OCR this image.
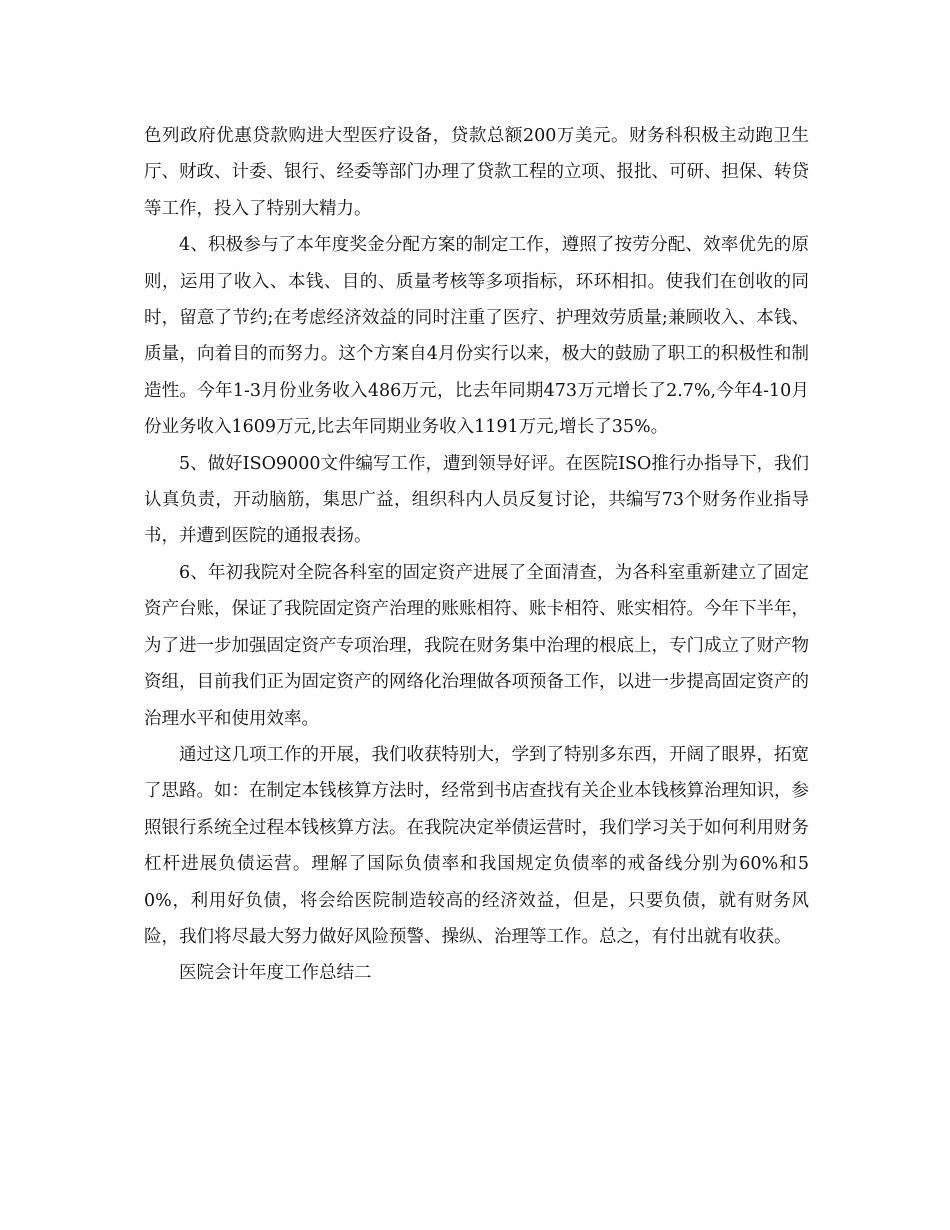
色列政府优惠贷款购进大型医疗设备，贷款总额200万美元。财务科积极主动跑卫生厅、财政、计委、银行、经委等部门办理了贷款工程的立项、报批、可研、担保、转贷等工作，投入了特别大精力。

4、积极参与了本年度奖金分配方案的制定工作，遵照了按劳分配、效率优先的原则，运用了收入、本钱、目的、质量考核等多项指标，环环相扣。使我们在创收的同时，留意了节约;在考虑经济效益的同时注重了医疗、护理效劳质量;兼顾收入、本钱、质量，向着目的而努力。这个方案自4月份实行以来，极大的鼓励了职工的积极性和制造性。今年1-3月份业务收入486万元，比去年同期473万元增长了2.7%,今年4-10月份业务收入1609万元,比去年同期业务收入1191万元,增长了35%。

5、做好ISO9000文件编写工作，遭到领导好评。在医院ISO推行办指导下，我们认真负责，开动脑筋，集思广益，组织科内人员反复讨论，共编写73个财务作业指导书，并遭到医院的通报表扬。

6、年初我院对全院各科室的固定资产进展了全面清查，为各科室重新建立了固定资产台账，保证了我院固定资产治理的账账相符、账卡相符、账实相符。今年下半年，为了进一步加强固定资产专项治理，我院在财务集中治理的根底上，专门成立了财产物资组，目前我们正为固定资产的网络化治理做各项预备工作，以进一步提高固定资产的治理水平和使用效率。

通过这几项工作的开展，我们收获特别大，学到了特别多东西，开阔了眼界，拓宽了思路。如：在制定本钱核算方法时，经常到书店查找有关企业本钱核算治理知识，参照银行系统全过程本钱核算方法。在我院决定举债运营时，我们学习关于如何利用财务杠杆进展负债运营。理解了国际负债率和我国规定负债率的戒备线分别为60%和50%，利用好负债，将会给医院制造较高的经济效益，但是，只要负债，就有财务风险，我们将尽最大努力做好风险预警、操纵、治理等工作。总之，有付出就有收获。

医院会计年度工作总结二
